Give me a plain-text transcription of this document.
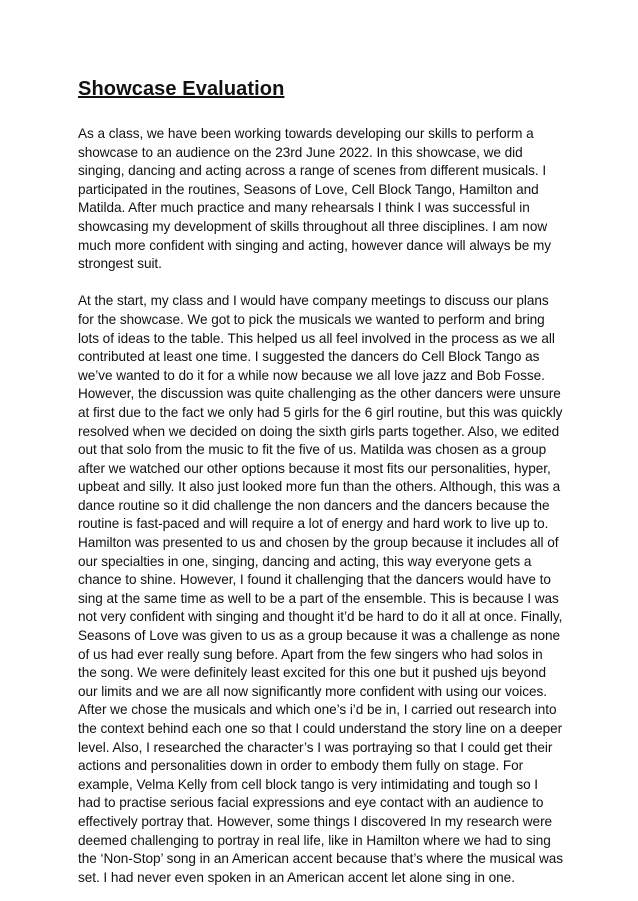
Showcase Evaluation

As a class, we have been working towards developing our skills to perform a showcase to an audience on the 23rd June 2022. In this showcase, we did singing, dancing and acting across a range of scenes from different musicals. I participated in the routines, Seasons of Love, Cell Block Tango, Hamilton and Matilda. After much practice and many rehearsals I think I was successful in showcasing my development of skills throughout all three disciplines. I am now much more confident with singing and acting, however dance will always be my strongest suit.

At the start, my class and I would have company meetings to discuss our plans for the showcase. We got to pick the musicals we wanted to perform and bring lots of ideas to the table. This helped us all feel involved in the process as we all contributed at least one time. I suggested the dancers do Cell Block Tango as we’ve wanted to do it for a while now because we all love jazz and Bob Fosse. However, the discussion was quite challenging as the other dancers were unsure at first due to the fact we only had 5 girls for the 6 girl routine, but this was quickly resolved when we decided on doing the sixth girls parts together. Also, we edited out that solo from the music to fit the five of us. Matilda was chosen as a group after we watched our other options because it most fits our personalities, hyper, upbeat and silly. It also just looked more fun than the others. Although, this was a dance routine so it did challenge the non dancers and the dancers because the routine is fast-paced and will require a lot of energy and hard work to live up to. Hamilton was presented to us and chosen by the group because it includes all of our specialties in one, singing, dancing and acting, this way everyone gets a chance to shine. However, I found it challenging that the dancers would have to sing at the same time as well to be a part of the ensemble. This is because I was not very confident with singing and thought it’d be hard to do it all at once. Finally, Seasons of Love was given to us as a group because it was a challenge as none of us had ever really sung before. Apart from the few singers who had solos in the song. We were definitely least excited for this one but it pushed ujs beyond our limits and we are all now significantly more confident with using our voices. After we chose the musicals and which one’s i’d be in, I carried out research into the context behind each one so that I could understand the story line on a deeper level. Also, I researched the character’s I was portraying so that I could get their actions and personalities down in order to embody them fully on stage. For example, Velma Kelly from cell block tango is very intimidating and tough so I had to practise serious facial expressions and eye contact with an audience to effectively portray that. However, some things I discovered In my research were deemed challenging to portray in real life, like in Hamilton where we had to sing the ‘Non-Stop’ song in an American accent because that’s where the musical was set. I had never even spoken in an American accent let alone sing in one.
